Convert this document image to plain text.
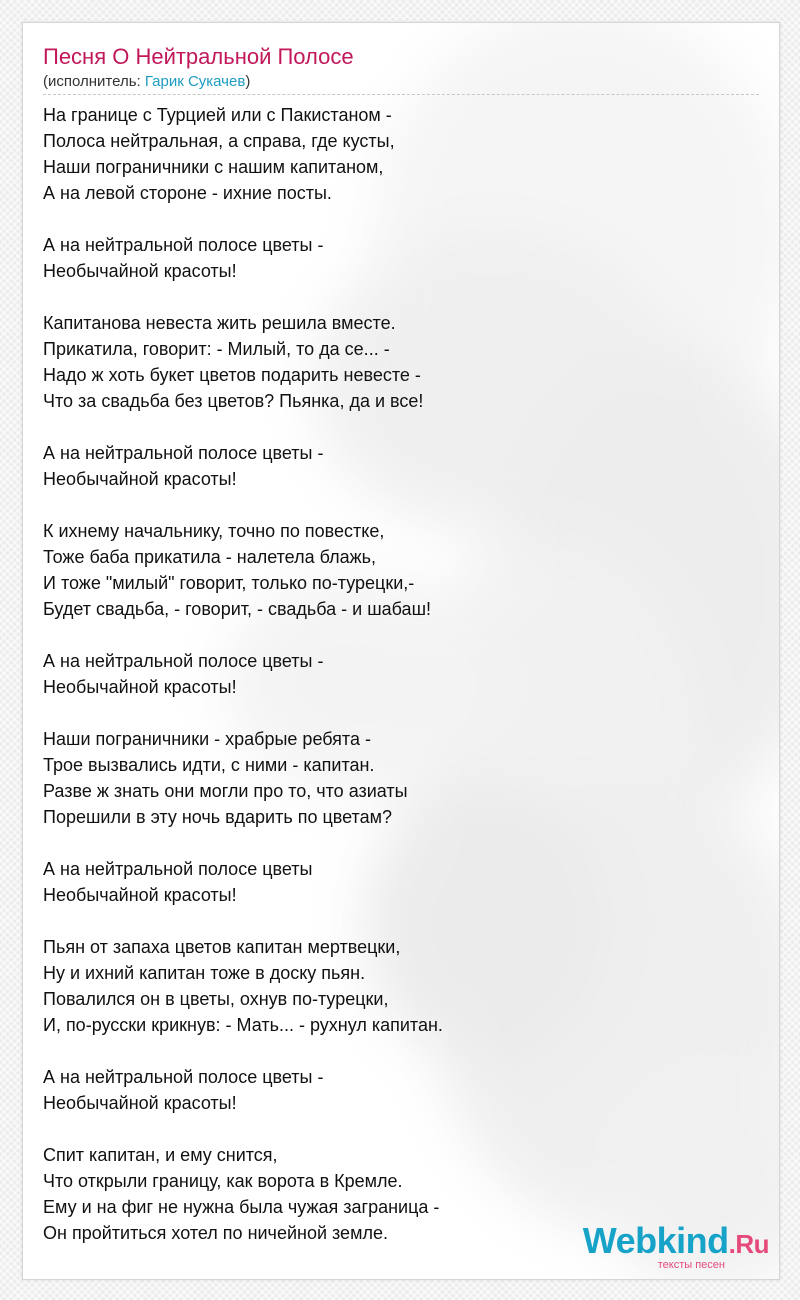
Песня О Нейтральной Полосе
(исполнитель: Гарик Сукачев)
На границе с Турцией или с Пакистаном -
Полоса нейтральная, а справа, где кусты,
Наши пограничники с нашим капитаном,
А на левой стороне - ихние посты.
А на нейтральной полосе цветы -
Необычайной красоты!
Капитанова невеста жить решила вместе.
Прикатила, говорит: - Милый, то да се... -
Надо ж хоть букет цветов подарить невесте -
Что за свадьба без цветов? Пьянка, да и все!
А на нейтральной полосе цветы -
Необычайной красоты!
К ихнему начальнику, точно по повестке,
Тоже баба прикатила - налетела блажь,
И тоже "милый" говорит, только по-турецки,-
Будет свадьба, - говорит, - свадьба - и шабаш!
А на нейтральной полосе цветы -
Необычайной красоты!
Наши пограничники - храбрые ребята -
Трое вызвались идти, с ними - капитан.
Разве ж знать они могли про то, что азиаты
Порешили в эту ночь вдарить по цветам?
А на нейтральной полосе цветы
Необычайной красоты!
Пьян от запаха цветов капитан мертвецки,
Ну и ихний капитан тоже в доску пьян.
Повалился он в цветы, охнув по-турецки,
И, по-русски крикнув: - Мать... - рухнул капитан.
А на нейтральной полосе цветы -
Необычайной красоты!
Спит капитан, и ему снится,
Что открыли границу, как ворота в Кремле.
Ему и на фиг не нужна была чужая заграница -
Он пройтиться хотел по ничейной земле.	Webkind.Ru
тексты песен
